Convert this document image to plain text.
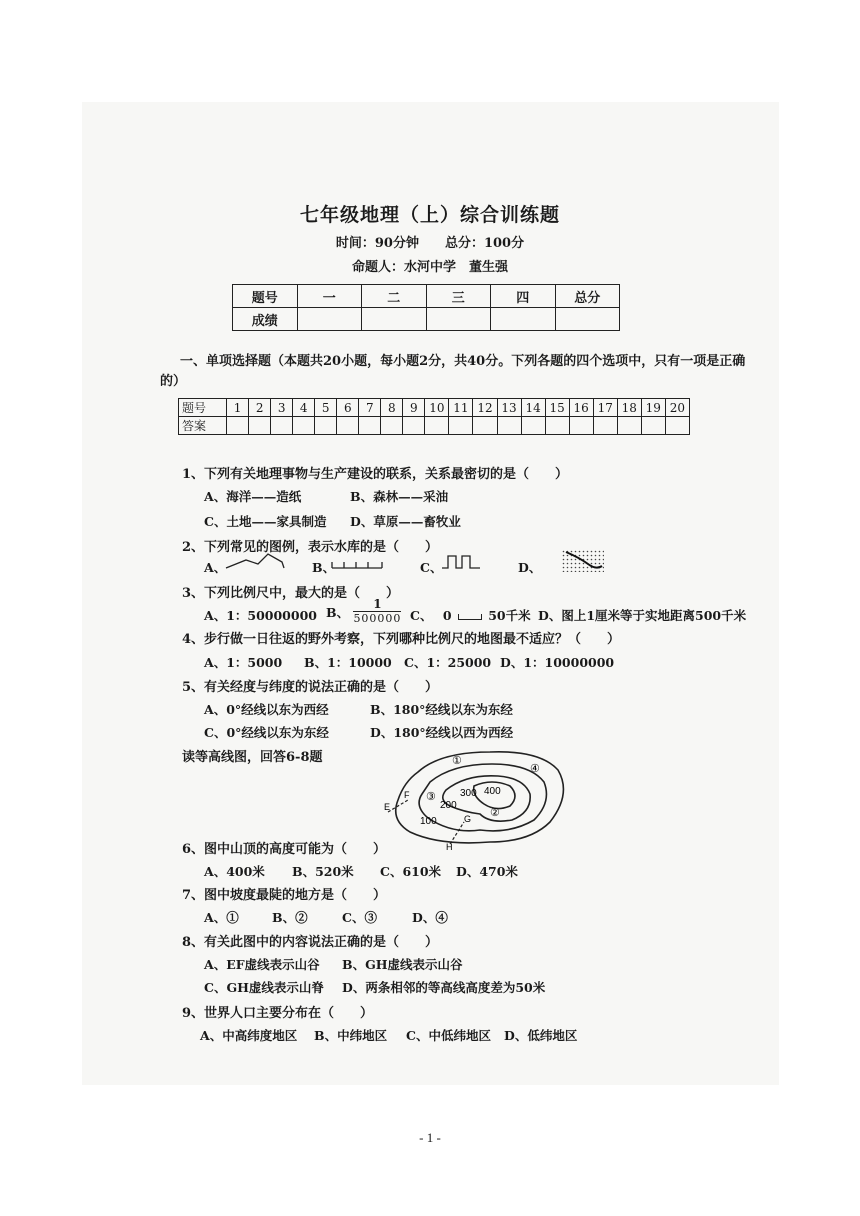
七年级地理（上）综合训练题
时间：90分钟　　总分：100分
命题人：水河中学　董生强
题号	一	二	三	四	总分
成绩					
一、单项选择题（本题共20小题，每小题2分，共40分。下列各题的四个选项中，只有一项是正确
的）
题号	1	2	3	4	5	6	7	8	9	10	11	12	13	14	15	16	17	18	19	20
答案																				
1、下列有关地理事物与生产建设的联系，关系最密切的是（　　）
A、海洋——造纸	B、森林——采油
C、土地——家具制造 D、草原——畜牧业
2、下列常见的图例，表示水库的是（　　）
A、	B、	C、	D、
3、下列比例尺中，最大的是（　　）
A、1：50000000 B、 $\frac{1}{500000}$ C、 0	50千米 D、图上1厘米等于实地距离500千米
4、步行做一日往返的野外考察，下列哪种比例尺的地图最不适应？（　　）
A、1：5000 B、1：10000 C、1：25000 D、1：10000000
5、有关经度与纬度的说法正确的是（　　）
A、0°经线以东为西经	B、180°经线以东为东经
C、0°经线以东为东经	D、180°经线以西为西经
读等高线图，回答6-8题
100
200
300 400
①
②
③
④
E
F
G
H
6、图中山顶的高度可能为（　　）
A、400米 B、520米 C、610米 D、470米
7、图中坡度最陡的地方是（　　）
A、①	B、②	C、③	D、④
8、有关此图中的内容说法正确的是（　　）
A、EF虚线表示山谷 B、GH虚线表示山谷
C、GH虚线表示山脊 D、两条相邻的等高线高度差为50米
9、世界人口主要分布在（　　）
A、中高纬度地区 B、中纬地区 C、中低纬地区 D、低纬地区
- 1 -
